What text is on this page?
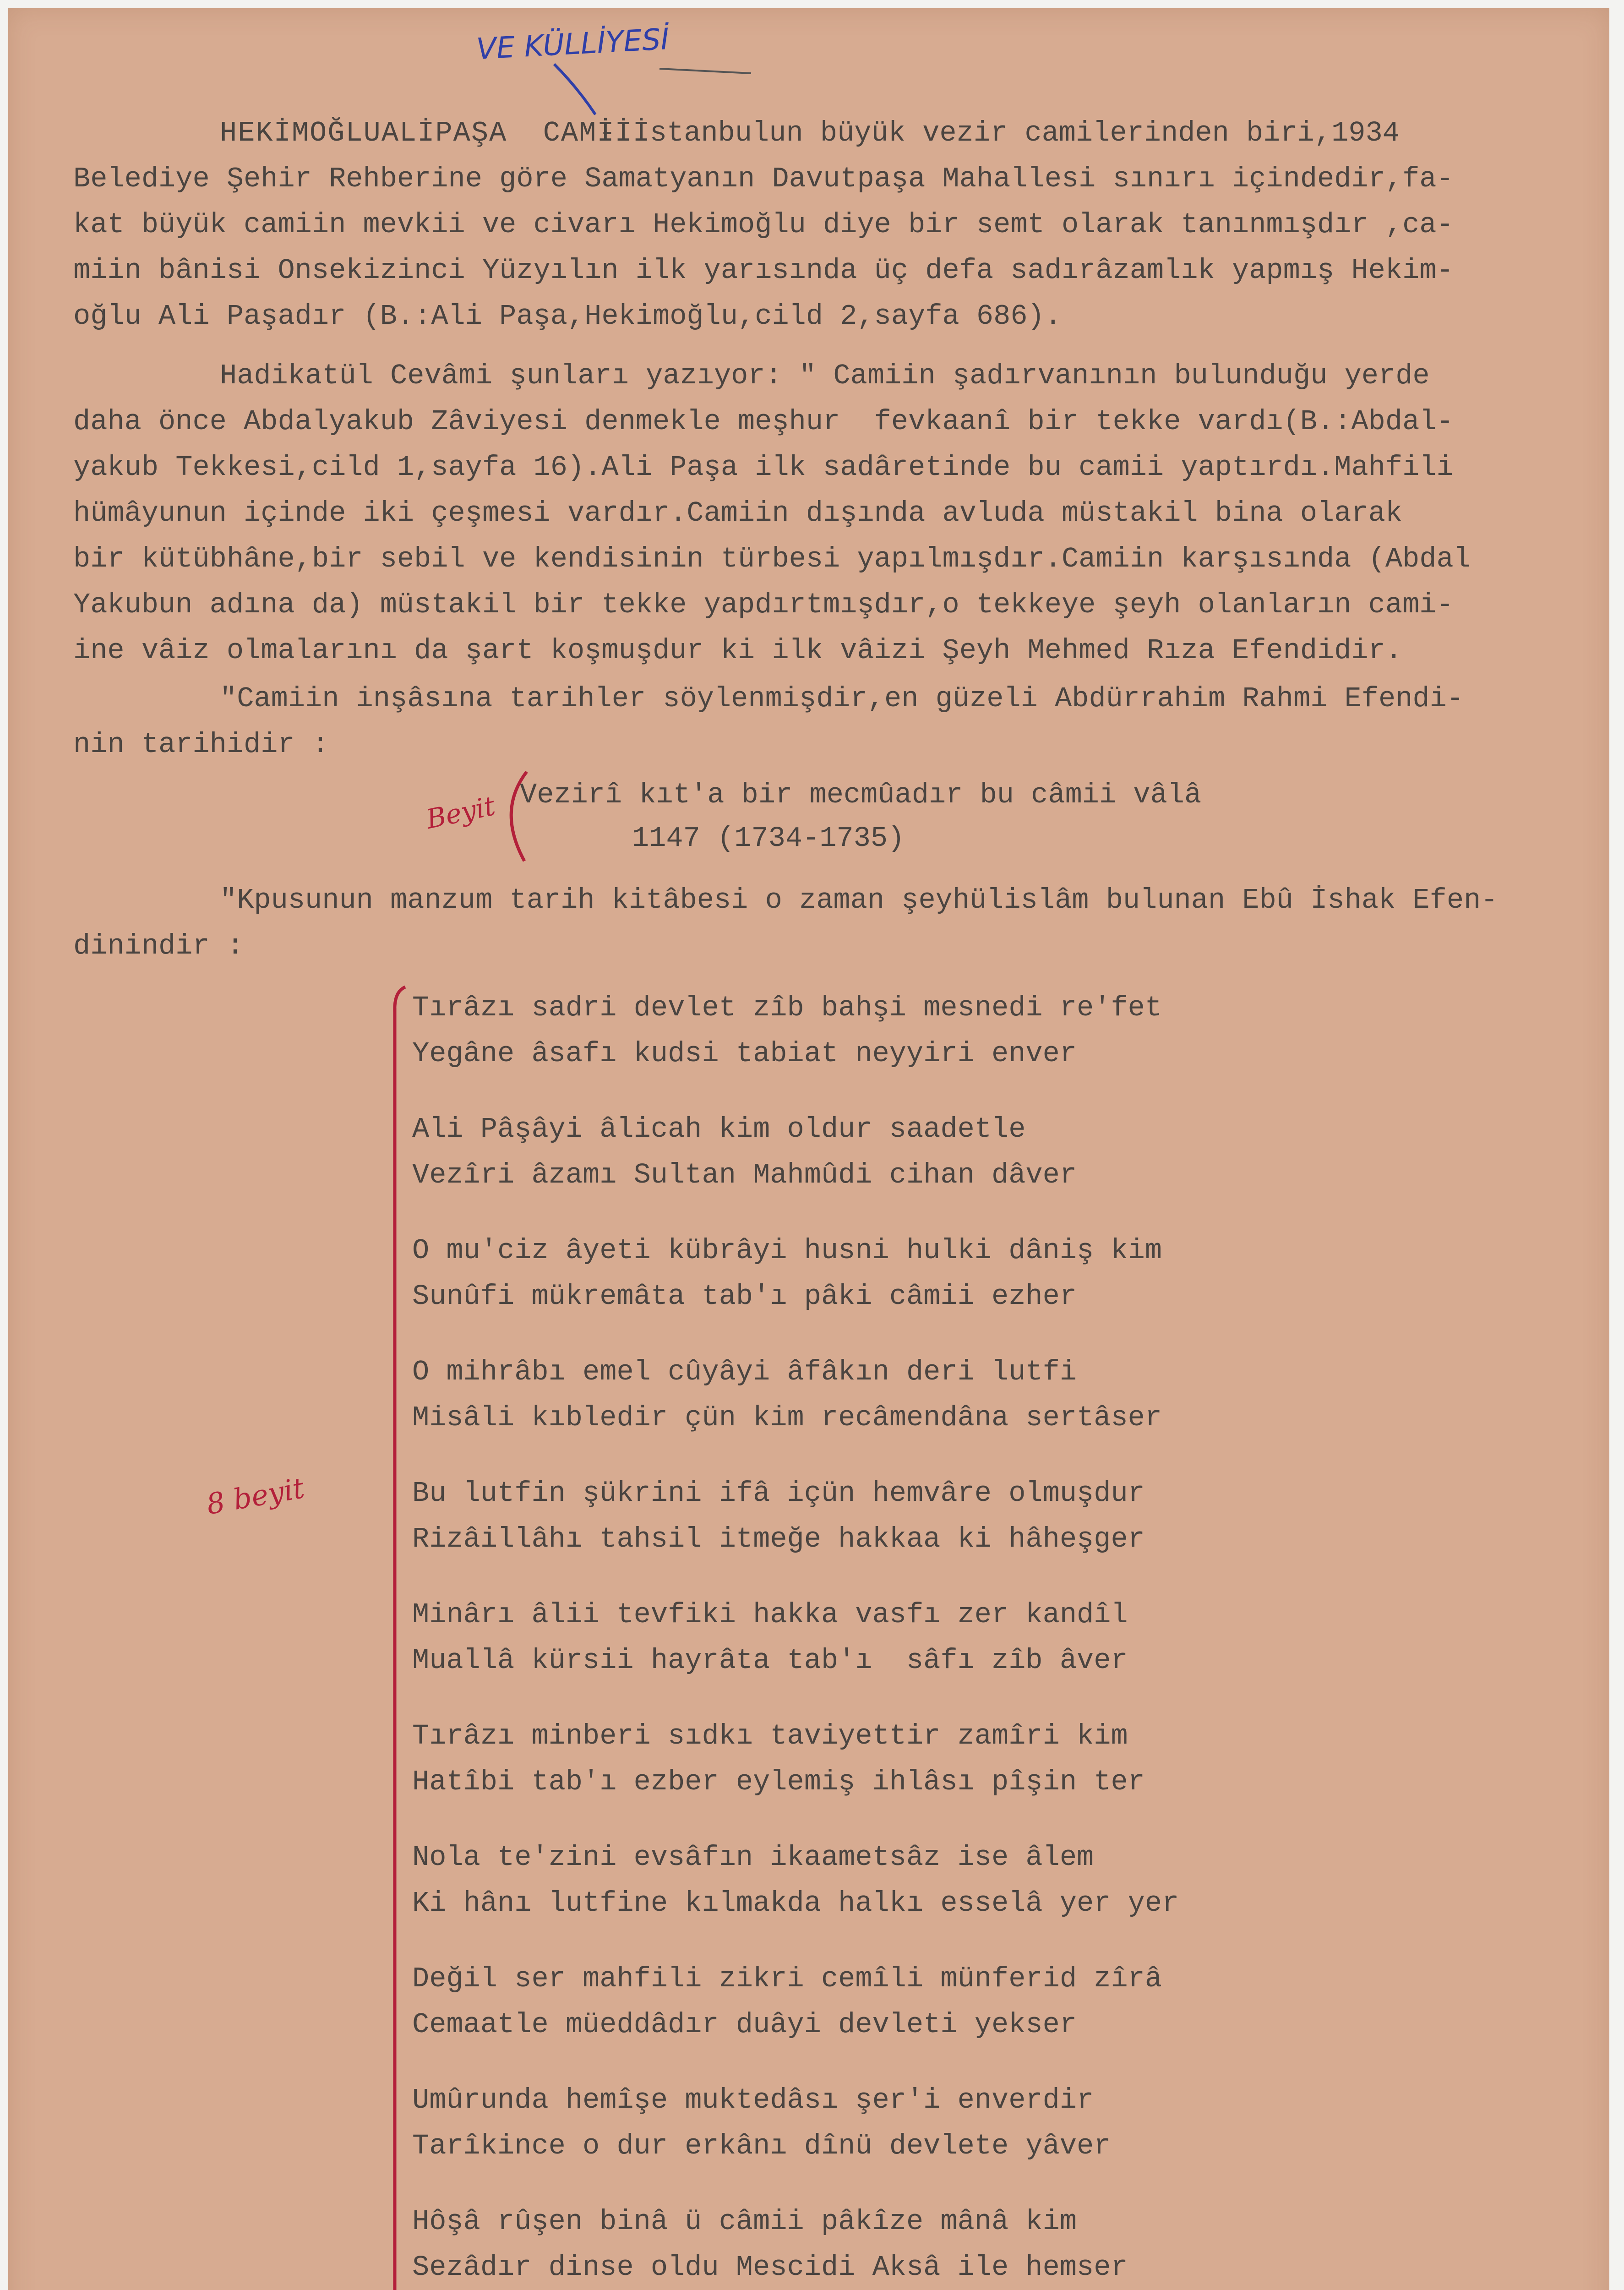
VE KÜLLİYESİ
Beyit
8 beyit
HEKİMOĞLUALİPAŞA  CAMİİ
- İstanbulun büyük vezir camilerinden biri,1934
Belediye Şehir Rehberine göre Samatyanın Davutpaşa Mahallesi sınırı içindedir,fa-
kat büyük camiin mevkii ve civarı Hekimoğlu diye bir semt olarak tanınmışdır ,ca-
miin bânisi Onsekizinci Yüzyılın ilk yarısında üç defa sadırâzamlık yapmış Hekim-
oğlu Ali Paşadır (B.:Ali Paşa,Hekimoğlu,cild 2,sayfa 686).
Hadikatül Cevâmi şunları yazıyor: " Camiin şadırvanının bulunduğu yerde
daha önce Abdalyakub Zâviyesi denmekle meşhur  fevkaanî bir tekke vardı(B.:Abdal-
yakub Tekkesi,cild 1,sayfa 16).Ali Paşa ilk sadâretinde bu camii yaptırdı.Mahfili
hümâyunun içinde iki çeşmesi vardır.Camiin dışında avluda müstakil bina olarak
bir kütübhâne,bir sebil ve kendisinin türbesi yapılmışdır.Camiin karşısında (Abdal
Yakubun adına da) müstakil bir tekke yapdırtmışdır,o tekkeye şeyh olanların cami-
ine vâiz olmalarını da şart koşmuşdur ki ilk vâizi Şeyh Mehmed Rıza Efendidir.
"Camiin inşâsına tarihler söylenmişdir,en güzeli Abdürrahim Rahmi Efendi-
nin tarihidir :
Vezirî kıt'a bir mecmûadır bu câmii vâlâ
1147 (1734-1735)
"Kpusunun manzum tarih kitâbesi o zaman şeyhülislâm bulunan Ebû İshak Efen-
dinindir :
Tırâzı sadri devlet zîb bahşi mesnedi re'fet
Yegâne âsafı kudsi tabiat neyyiri enver
Ali Pâşâyi âlicah kim oldur saadetle
Vezîri âzamı Sultan Mahmûdi cihan dâver
O mu'ciz âyeti kübrâyi husni hulki dâniş kim
Sunûfi mükremâta tab'ı pâki câmii ezher
O mihrâbı emel cûyâyi âfâkın deri lutfi
Misâli kıbledir çün kim recâmendâna sertâser
Bu lutfin şükrini ifâ içün hemvâre olmuşdur
Rizâillâhı tahsil itmeğe hakkaa ki hâheşger
Minârı âlii tevfiki hakka vasfı zer kandîl
Muallâ kürsii hayrâta tab'ı  sâfı zîb âver
Tırâzı minberi sıdkı taviyettir zamîri kim
Hatîbi tab'ı ezber eylemiş ihlâsı pîşin ter
Nola te'zini evsâfın ikaametsâz ise âlem
Ki hânı lutfine kılmakda halkı esselâ yer yer
Değil ser mahfili zikri cemîli münferid zîrâ
Cemaatle müeddâdır duâyi devleti yekser
Umûrunda hemîşe muktedâsı şer'i enverdir
Tarîkince o dur erkânı dînü devlete yâver
Hôşâ rûşen binâ ü câmii pâkîze mânâ kim
Sezâdır dinse oldu Mescidi Aksâ ile hemser
